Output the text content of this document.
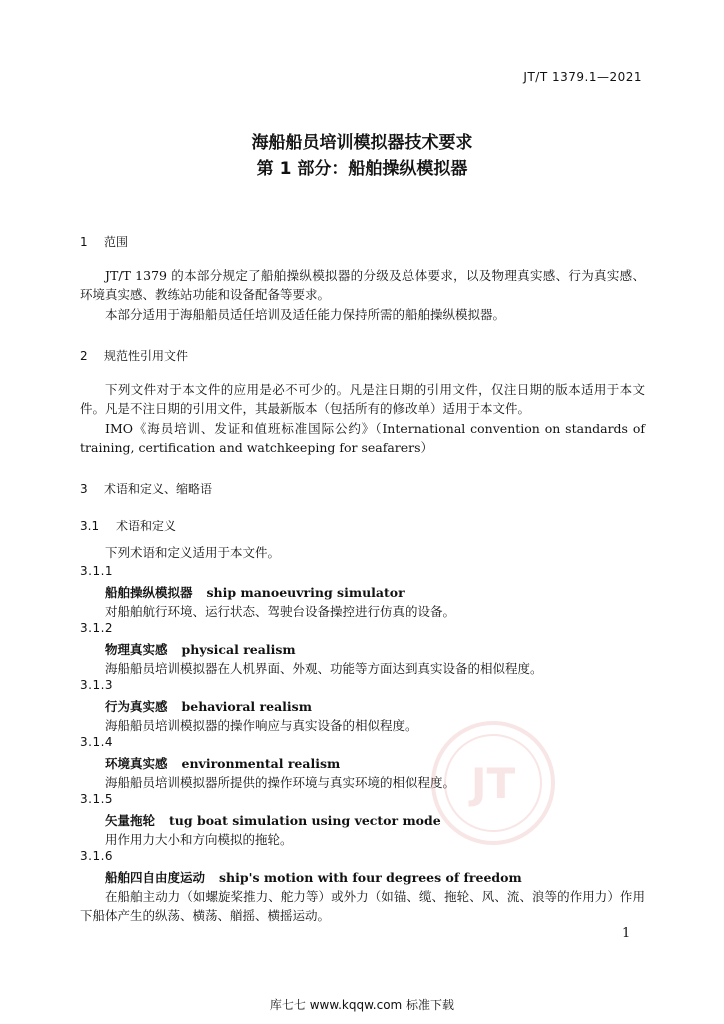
JT/T 1379.1—2021
海船船员培训模拟器技术要求
第 1 部分：船舶操纵模拟器
1 范围
JT/T 1379 的本部分规定了船舶操纵模拟器的分级及总体要求，以及物理真实感、行为真实感、环境真实感、教练站功能和设备配备等要求。
本部分适用于海船船员适任培训及适任能力保持所需的船舶操纵模拟器。
2 规范性引用文件
下列文件对于本文件的应用是必不可少的。凡是注日期的引用文件，仅注日期的版本适用于本文件。凡是不注日期的引用文件，其最新版本（包括所有的修改单）适用于本文件。
IMO《海员培训、发证和值班标准国际公约》（International convention on standards of training, certification and watchkeeping for seafarers）
3 术语和定义、缩略语
3.1 术语和定义
下列术语和定义适用于本文件。
3.1.1
船舶操纵模拟器 ship manoeuvring simulator
对船舶航行环境、运行状态、驾驶台设备操控进行仿真的设备。
3.1.2
物理真实感 physical realism
海船船员培训模拟器在人机界面、外观、功能等方面达到真实设备的相似程度。
3.1.3
行为真实感 behavioral realism
海船船员培训模拟器的操作响应与真实设备的相似程度。
3.1.4
环境真实感 environmental realism
海船船员培训模拟器所提供的操作环境与真实环境的相似程度。
3.1.5
矢量拖轮 tug boat simulation using vector mode
用作用力大小和方向模拟的拖轮。
3.1.6
船舶四自由度运动 ship's motion with four degrees of freedom
在船舶主动力（如螺旋桨推力、舵力等）或外力（如锚、缆、拖轮、风、流、浪等的作用力）作用下船体产生的纵荡、横荡、艏摇、横摇运动。
JT
1
库七七 www.kqqw.com 标准下载
